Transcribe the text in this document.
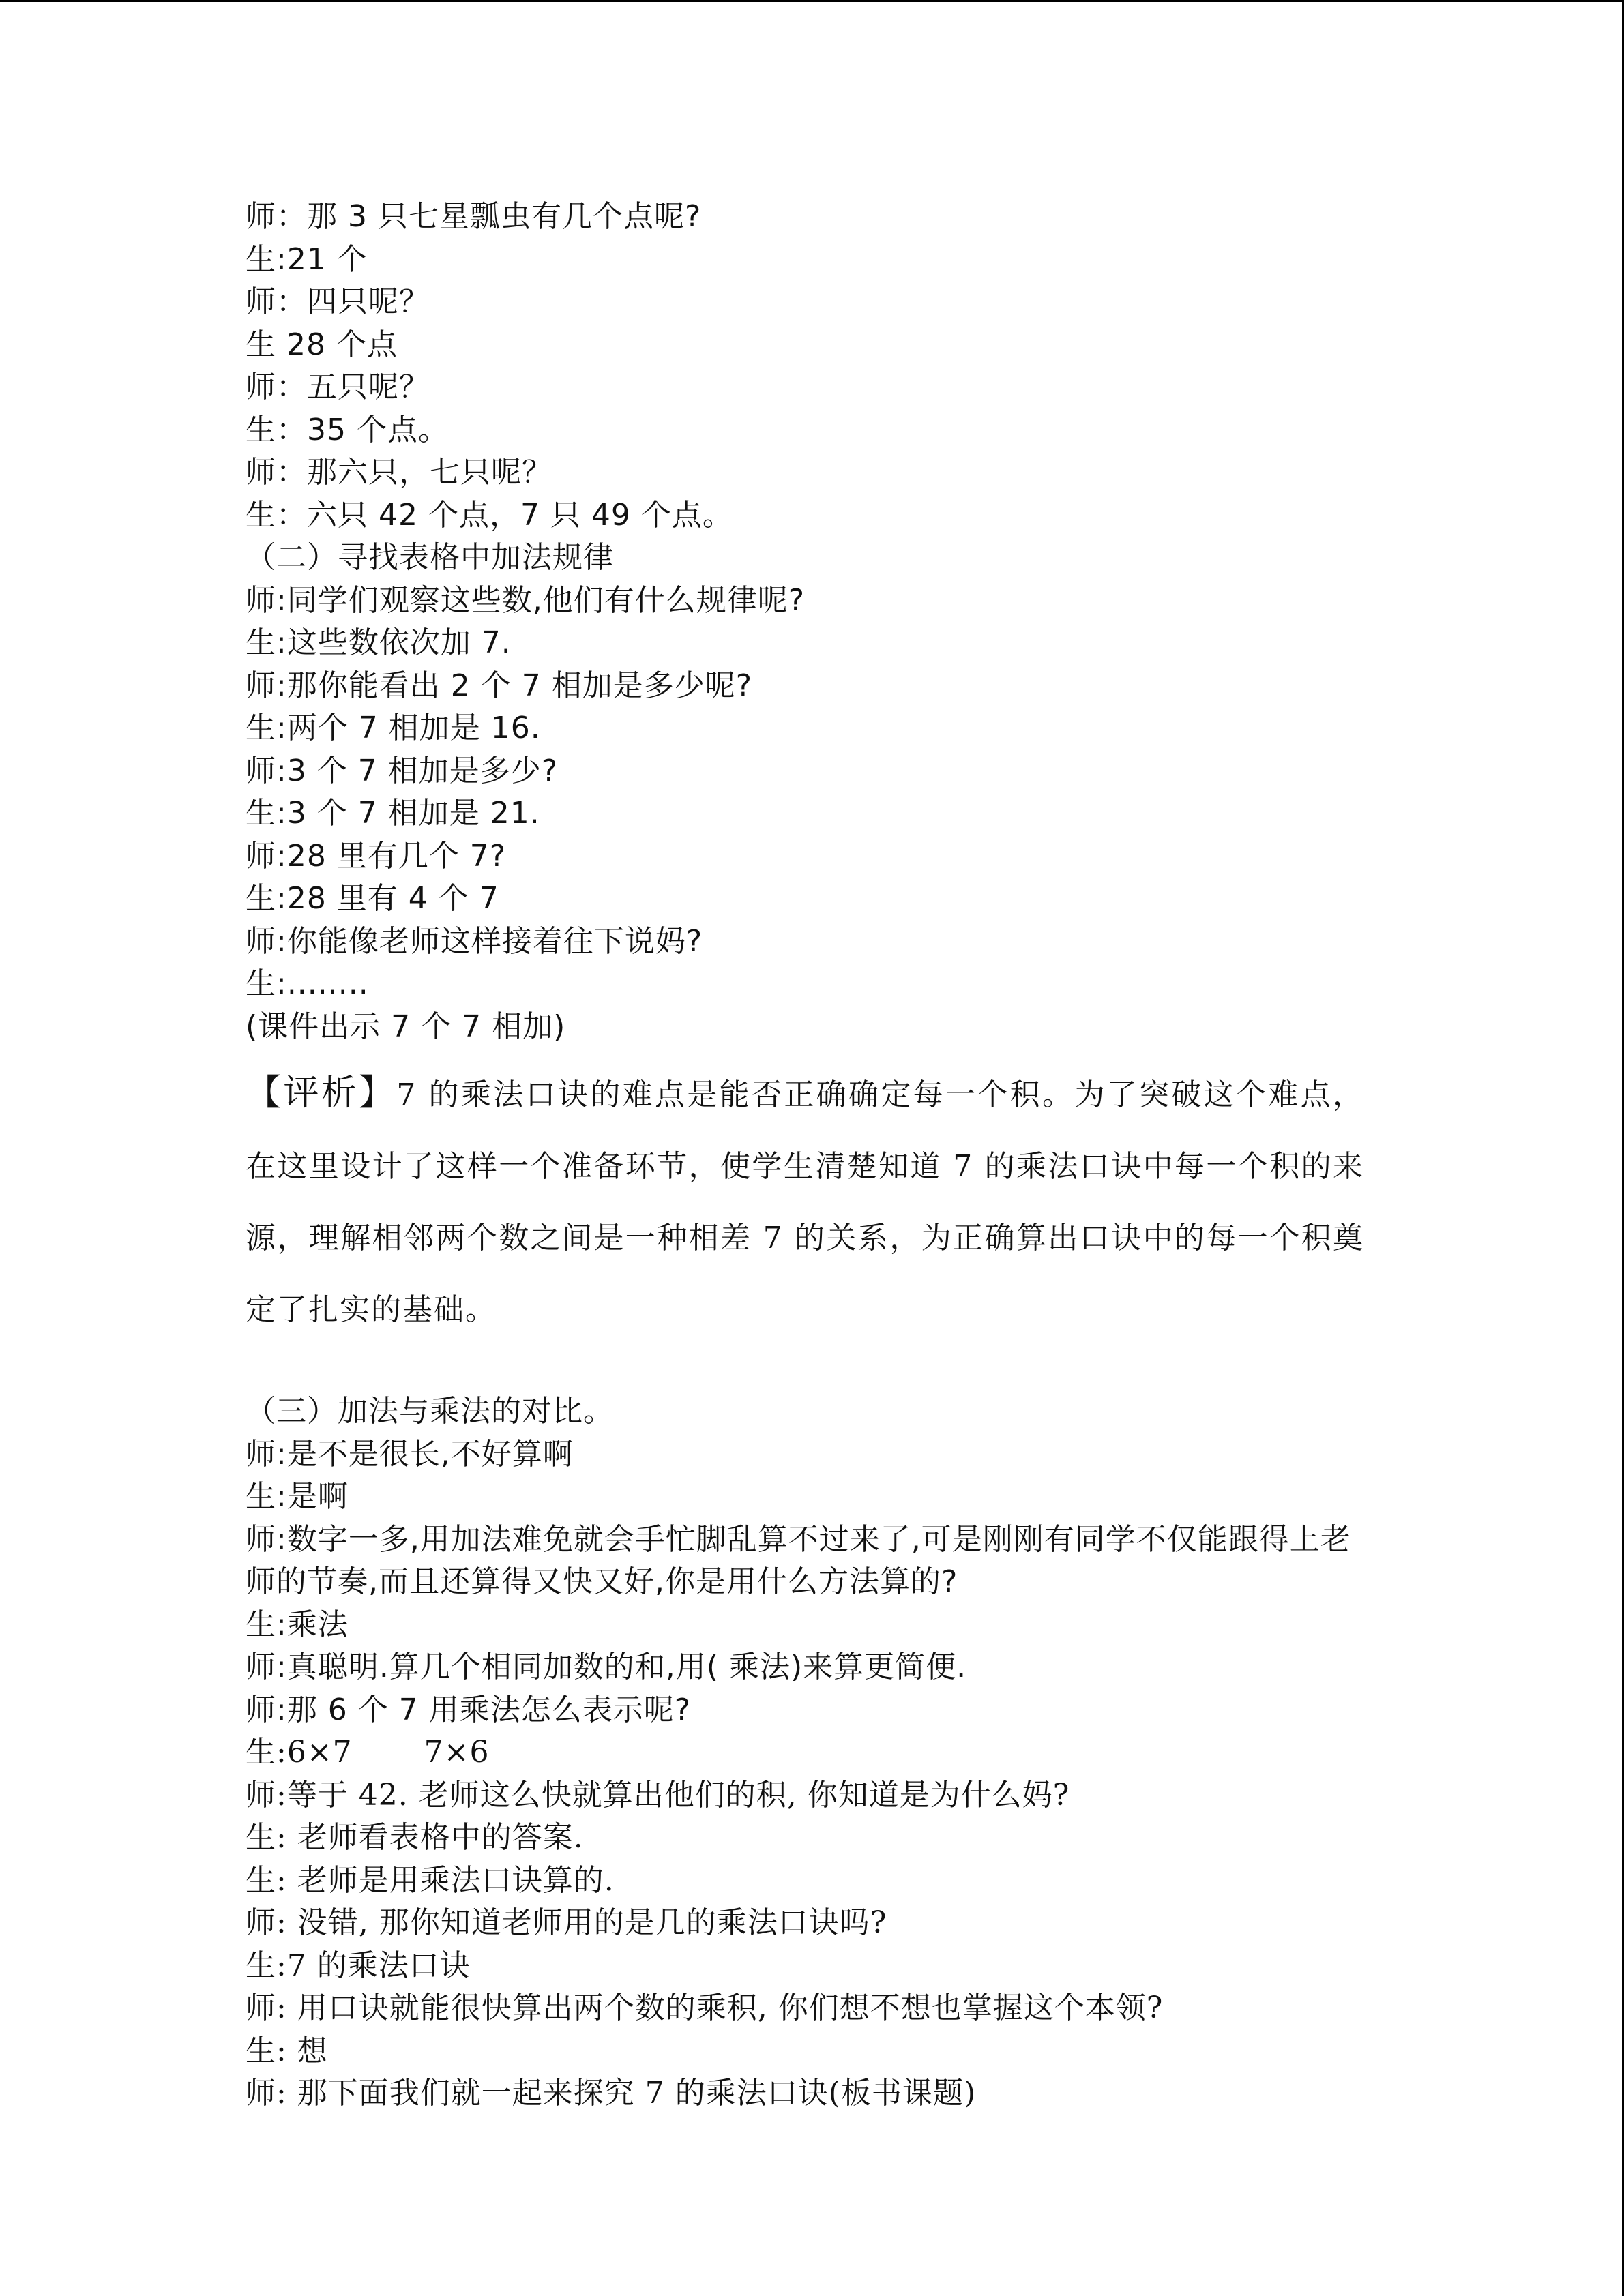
师：那 3 只七星瓢虫有几个点呢?
生:21 个
师：四只呢？
生 28 个点
师：五只呢？
生：35 个点。
师：那六只，七只呢？
生：六只 42 个点，7 只 49 个点。
（二）寻找表格中加法规律
师:同学们观察这些数,他们有什么规律呢?
生:这些数依次加 7.
师:那你能看出 2 个 7 相加是多少呢?
生:两个 7 相加是 16.
师:3 个 7 相加是多少?
生:3 个 7 相加是 21.
师:28 里有几个 7?
生:28 里有 4 个 7
师:你能像老师这样接着往下说妈?
生:........
(课件出示 7 个 7 相加)
【评析】7 的乘法口诀的难点是能否正确确定每一个积。为了突破这个难点，在这里设计了这样一个准备环节，使学生清楚知道 7 的乘法口诀中每一个积的来源，理解相邻两个数之间是一种相差 7 的关系，为正确算出口诀中的每一个积奠定了扎实的基础。
（三）加法与乘法的对比。
师:是不是很长,不好算啊
生:是啊
师:数字一多,用加法难免就会手忙脚乱算不过来了,可是刚刚有同学不仅能跟得上老师的节奏,而且还算得又快又好,你是用什么方法算的?
生:乘法
师:真聪明.算几个相同加数的和,用( 乘法)来算更简便.
师:那 6 个 7 用乘法怎么表示呢?
生:6×7　　 7×6
师:等于 42. 老师这么快就算出他们的积, 你知道是为什么妈?
生: 老师看表格中的答案.
生: 老师是用乘法口诀算的.
师: 没错, 那你知道老师用的是几的乘法口诀吗?
生:7 的乘法口诀
师: 用口诀就能很快算出两个数的乘积, 你们想不想也掌握这个本领?
生: 想
师: 那下面我们就一起来探究 7 的乘法口诀(板书课题)
